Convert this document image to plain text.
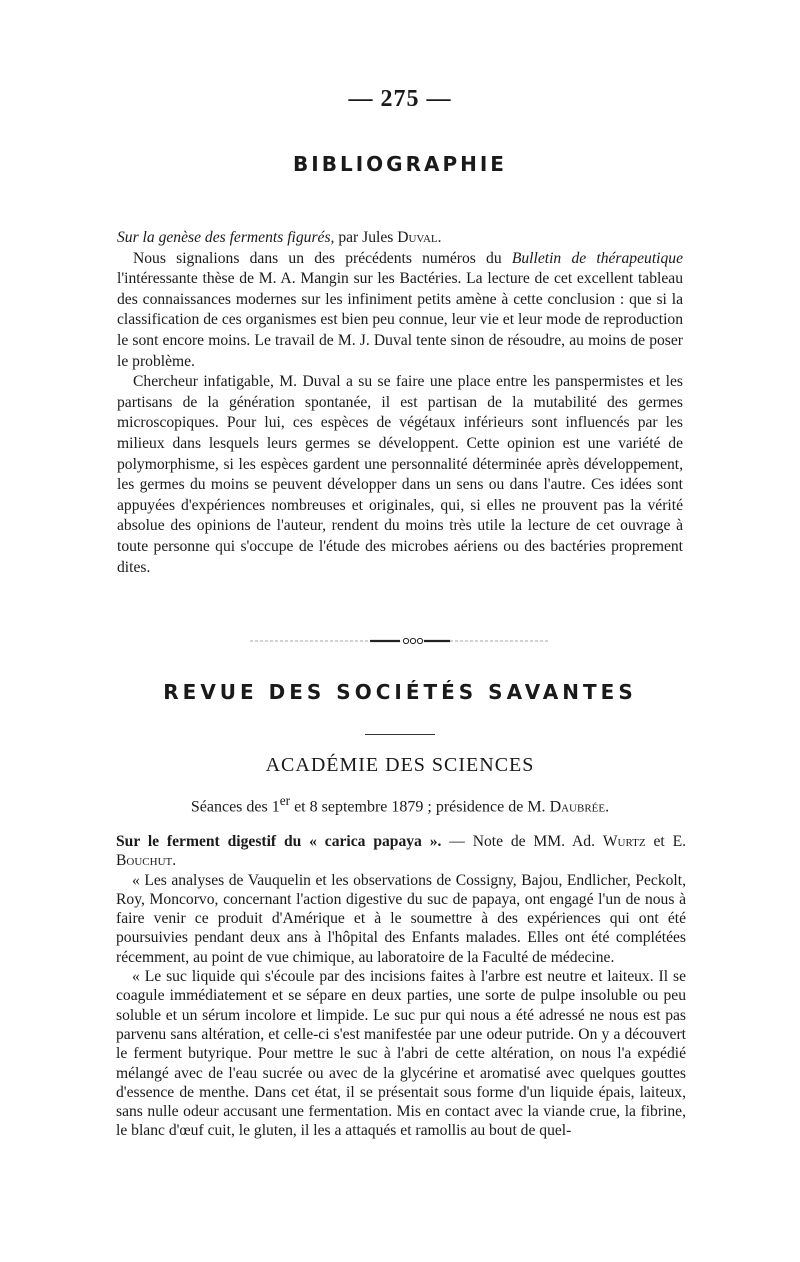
— 275 —
BIBLIOGRAPHIE

Sur la genèse des ferments figurés, par Jules Duval.

Nous signalions dans un des précédents numéros du Bulletin de thérapeutique l'intéressante thèse de M. A. Mangin sur les Bactéries. La lecture de cet excellent tableau des connaissances modernes sur les infiniment petits amène à cette conclusion : que si la classification de ces organismes est bien peu connue, leur vie et leur mode de reproduction le sont encore moins. Le travail de M. J. Duval tente sinon de résoudre, au moins de poser le problème.

Chercheur infatigable, M. Duval a su se faire une place entre les panspermistes et les partisans de la génération spontanée, il est partisan de la mutabilité des germes microscopiques. Pour lui, ces espèces de végétaux inférieurs sont influencés par les milieux dans lesquels leurs germes se développent. Cette opinion est une variété de polymorphisme, si les espèces gardent une personnalité déterminée après développement, les germes du moins se peuvent développer dans un sens ou dans l'autre. Ces idées sont appuyées d'expériences nombreuses et originales, qui, si elles ne prouvent pas la vérité absolue des opinions de l'auteur, rendent du moins très utile la lecture de cet ouvrage à toute personne qui s'occupe de l'étude des microbes aériens ou des bactéries proprement dites.

REVUE DES SOCIÉTÉS SAVANTES
ACADÉMIE DES SCIENCES
Séances des 1er et 8 septembre 1879 ; présidence de M. Daubrée.

Sur le ferment digestif du « carica papaya ». — Note de MM. Ad. Wurtz et E. Bouchut.

« Les analyses de Vauquelin et les observations de Cossigny, Bajou, Endlicher, Peckolt, Roy, Moncorvo, concernant l'action digestive du suc de papaya, ont engagé l'un de nous à faire venir ce produit d'Amérique et à le soumettre à des expériences qui ont été poursuivies pendant deux ans à l'hôpital des Enfants malades. Elles ont été complétées récemment, au point de vue chimique, au laboratoire de la Faculté de médecine.

« Le suc liquide qui s'écoule par des incisions faites à l'arbre est neutre et laiteux. Il se coagule immédiatement et se sépare en deux parties, une sorte de pulpe insoluble ou peu soluble et un sérum incolore et limpide. Le suc pur qui nous a été adressé ne nous est pas parvenu sans altération, et celle-ci s'est manifestée par une odeur putride. On y a découvert le ferment butyrique. Pour mettre le suc à l'abri de cette altération, on nous l'a expédié mélangé avec de l'eau sucrée ou avec de la glycérine et aromatisé avec quelques gouttes d'essence de menthe. Dans cet état, il se présentait sous forme d'un liquide épais, laiteux, sans nulle odeur accusant une fermentation. Mis en contact avec la viande crue, la fibrine, le blanc d'œuf cuit, le gluten, il les a attaqués et ramollis au bout de quel-
